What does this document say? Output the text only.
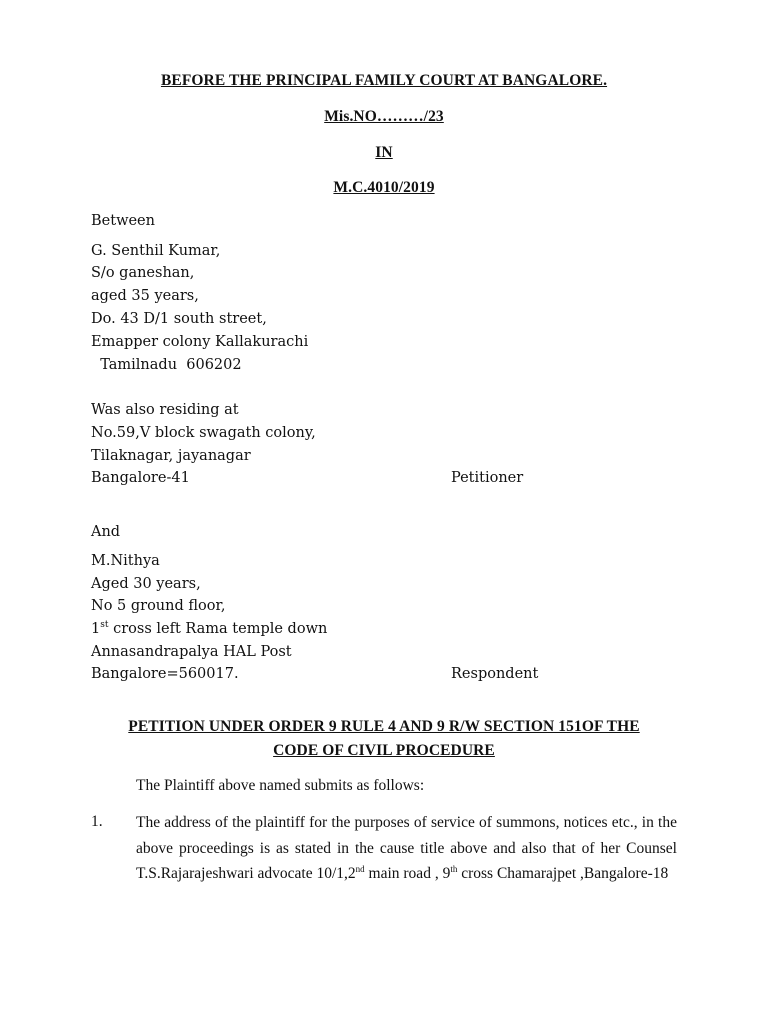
BEFORE THE PRINCIPAL FAMILY COURT AT BANGALORE.
Mis.NO………/23
IN
M.C.4010/2019
Between
G. Senthil Kumar,
S/o ganeshan,
aged 35 years,
Do. 43 D/1 south street,
Emapper colony Kallakurachi
Tamilnadu  606202
Was also residing at
No.59,V block swagath colony,
Tilaknagar, jayanagar
Bangalore-41	Petitioner
And
M.Nithya
Aged 30 years,
No 5 ground floor,
1st cross left Rama temple down
Annasandrapalya HAL Post
Bangalore=560017.	Respondent
PETITION UNDER ORDER 9 RULE 4 AND 9 R/W SECTION 151OF THE
CODE OF CIVIL PROCEDURE
The Plaintiff above named submits as follows:
1. The address of the plaintiff for the purposes of service of summons, notices etc., in the above proceedings is as stated in the cause title above and also that of her Counsel T.S.Rajarajeshwari advocate 10/1,2nd main road , 9th cross Chamarajpet ,Bangalore-18
